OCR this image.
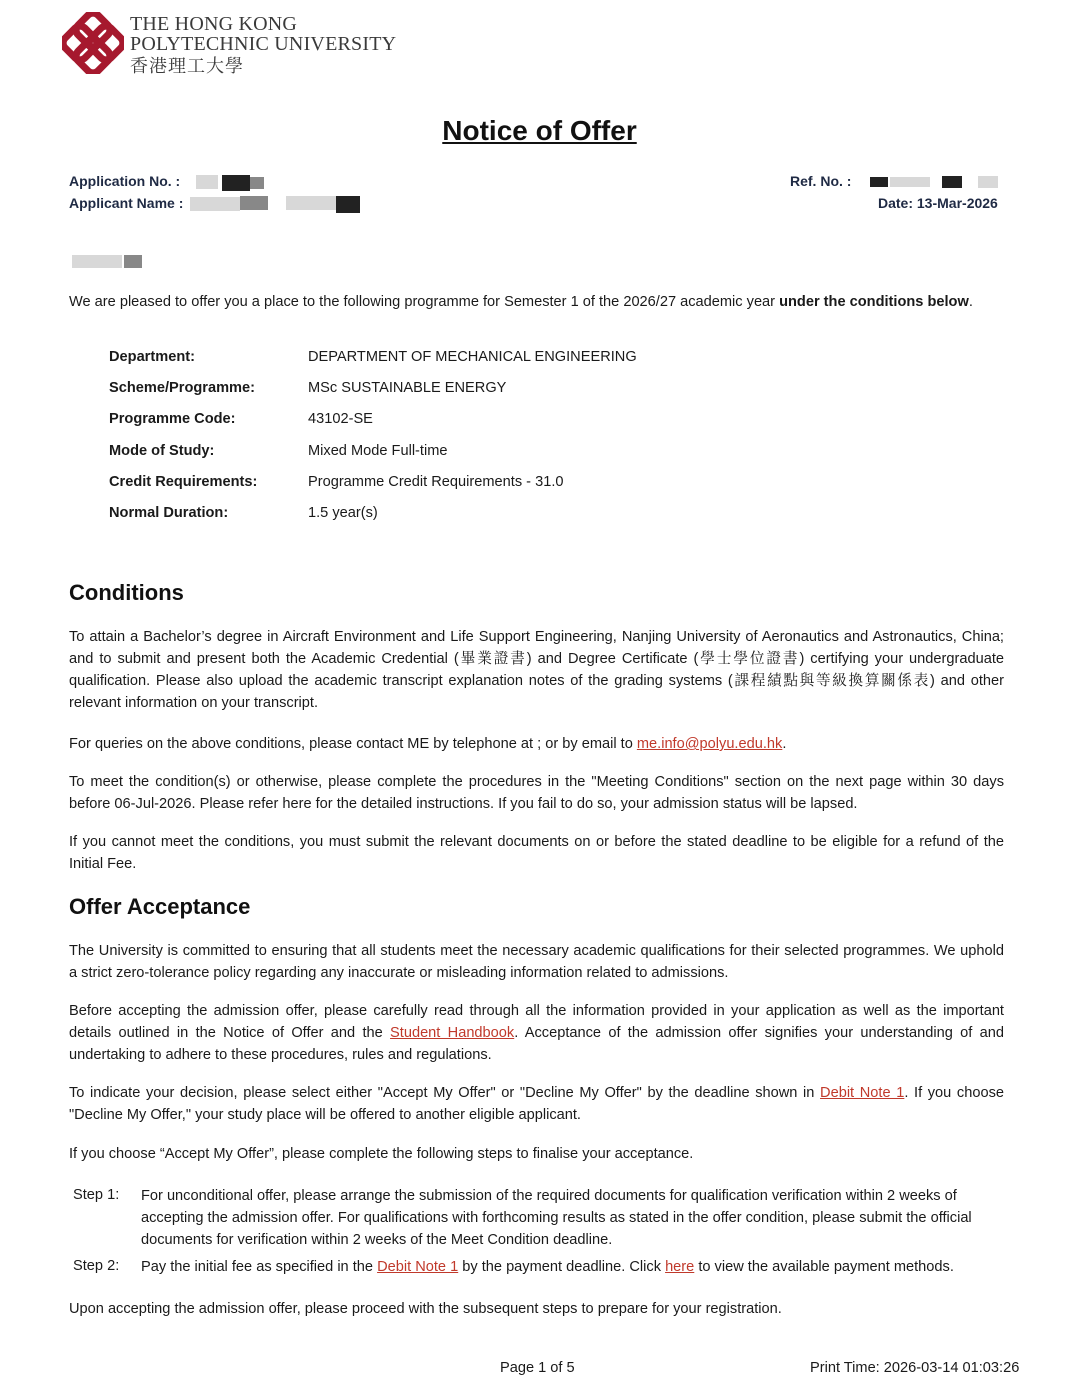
THE HONG KONG
POLYTECHNIC UNIVERSITY
香港理工大學
Notice of Offer
Application No. :
Applicant Name :
Ref. No. :
Date: 13-Mar-2026

We are pleased to offer you a place to the following programme for Semester 1 of the 2026/27 academic year under the conditions below.

Department:	DEPARTMENT OF MECHANICAL ENGINEERING
Scheme/Programme:	MSc SUSTAINABLE ENERGY
Programme Code:	43102-SE
Mode of Study:	Mixed Mode Full-time
Credit Requirements:	Programme Credit Requirements - 31.0
Normal Duration:	1.5 year(s)
Conditions

To attain a Bachelor’s degree in Aircraft Environment and Life Support Engineering, Nanjing University of Aeronautics and Astronautics, China; and to submit and present both the Academic Credential (畢業證書) and Degree Certificate (學士學位證書) certifying your undergraduate qualification. Please also upload the academic transcript explanation notes of the grading systems (課程績點與等級換算關係表) and other relevant information on your transcript.

For queries on the above conditions, please contact ME by telephone at ; or by email to me.info@polyu.edu.hk.

To meet the condition(s) or otherwise, please complete the procedures in the "Meeting Conditions" section on the next page within 30 days before 06-Jul-2026. Please refer here for the detailed instructions. If you fail to do so, your admission status will be lapsed.

If you cannot meet the conditions, you must submit the relevant documents on or before the stated deadline to be eligible for a refund of the Initial Fee.

Offer Acceptance

The University is committed to ensuring that all students meet the necessary academic qualifications for their selected programmes. We uphold a strict zero-tolerance policy regarding any inaccurate or misleading information related to admissions.

Before accepting the admission offer, please carefully read through all the information provided in your application as well as the important details outlined in the Notice of Offer and the Student Handbook. Acceptance of the admission offer signifies your understanding of and undertaking to adhere to these procedures, rules and regulations.

To indicate your decision, please select either "Accept My Offer" or "Decline My Offer" by the deadline shown in Debit Note 1. If you choose "Decline My Offer," your study place will be offered to another eligible applicant.

If you choose “Accept My Offer”, please complete the following steps to finalise your acceptance.

Step 1: For unconditional offer, please arrange the submission of the required documents for qualification verification within 2 weeks of accepting the admission offer. For qualifications with forthcoming results as stated in the offer condition, please submit the official documents for verification within 2 weeks of the Meet Condition deadline.

Step 2: Pay the initial fee as specified in the Debit Note 1 by the payment deadline. Click here to view the available payment methods.

Upon accepting the admission offer, please proceed with the subsequent steps to prepare for your registration.

Page 1 of 5	Print Time: 2026-03-14 01:03:26
